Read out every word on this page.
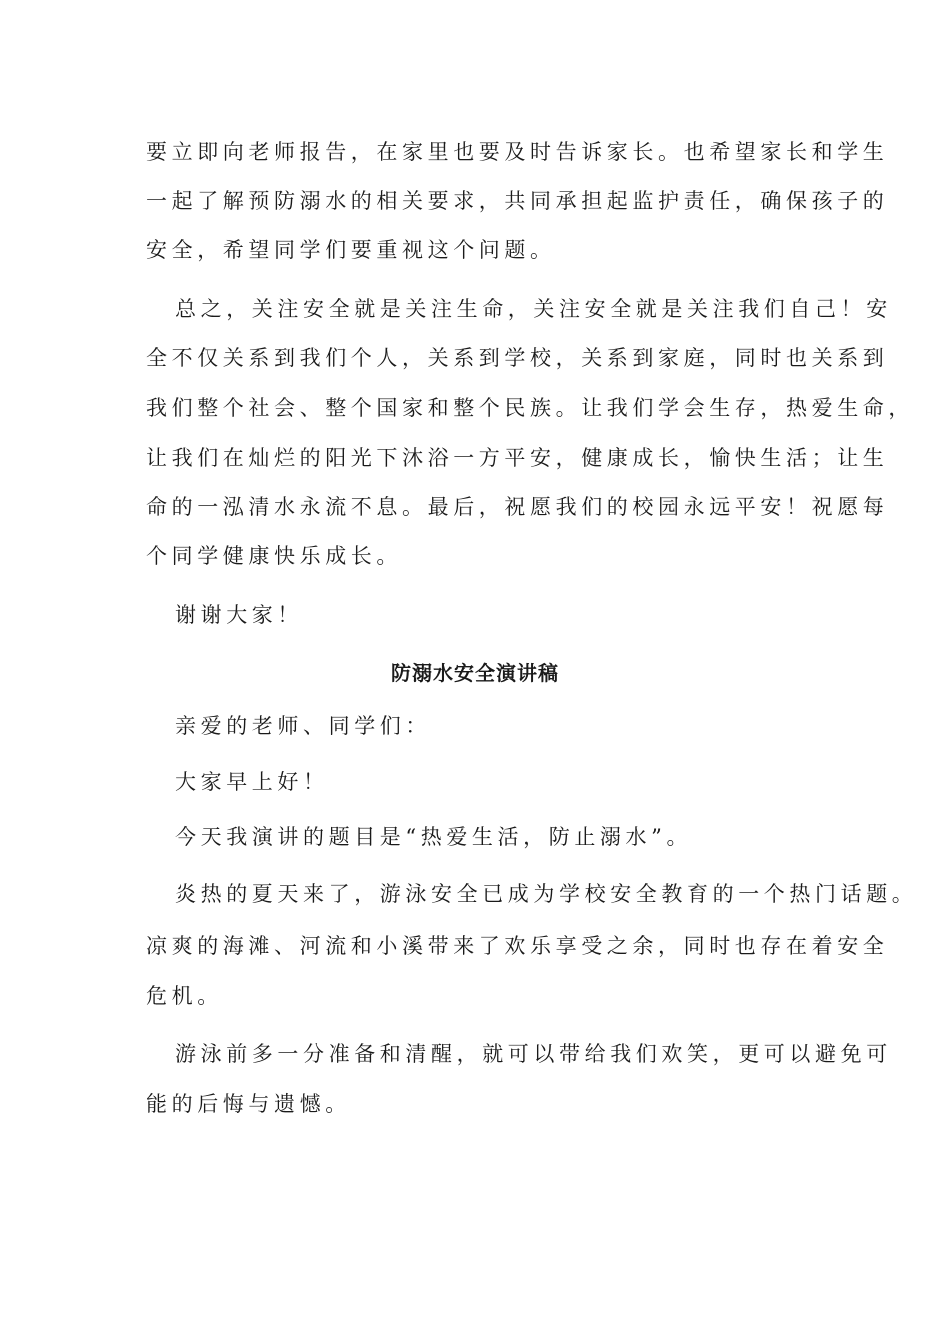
要立即向老师报告，在家里也要及时告诉家长。也希望家长和学生
一起了解预防溺水的相关要求，共同承担起监护责任，确保孩子的
安全，希望同学们要重视这个问题。
总之，关注安全就是关注生命，关注安全就是关注我们自己！安
全不仅关系到我们个人，关系到学校，关系到家庭，同时也关系到
我们整个社会、整个国家和整个民族。让我们学会生存，热爱生命，
让我们在灿烂的阳光下沐浴一方平安，健康成长，愉快生活；让生
命的一泓清水永流不息。最后，祝愿我们的校园永远平安！祝愿每
个同学健康快乐成长。
谢谢大家！
防溺水安全演讲稿
亲爱的老师、同学们：
大家早上好！
今天我演讲的题目是“热爱生活，防止溺水”。
炎热的夏天来了，游泳安全已成为学校安全教育的一个热门话题。
凉爽的海滩、河流和小溪带来了欢乐享受之余，同时也存在着安全
危机。
游泳前多一分准备和清醒，就可以带给我们欢笑，更可以避免可
能的后悔与遗憾。
